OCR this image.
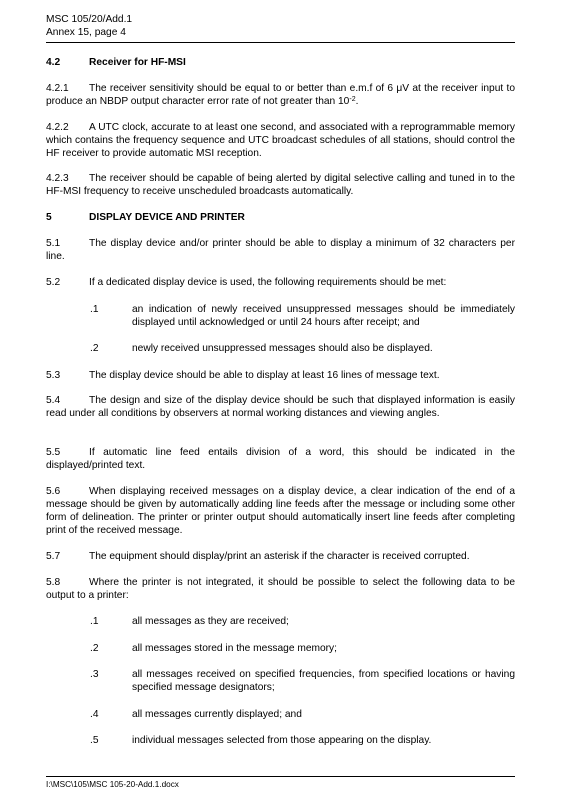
MSC 105/20/Add.1
Annex 15, page 4
4.2	Receiver for HF-MSI
4.2.1 The receiver sensitivity should be equal to or better than e.m.f of 6 μV at the receiver input to produce an NBDP output character error rate of not greater than $10^{-2}$.
4.2.2 A UTC clock, accurate to at least one second, and associated with a reprogrammable memory which contains the frequency sequence and UTC broadcast schedules of all stations, should control the HF receiver to provide automatic MSI reception.
4.2.3 The receiver should be capable of being alerted by digital selective calling and tuned in to the HF-MSI frequency to receive unscheduled broadcasts automatically.
5	DISPLAY DEVICE AND PRINTER
5.1	The display device and/or printer should be able to display a minimum of 32 characters per line.
5.2	If a dedicated display device is used, the following requirements should be met:
.1	an indication of newly received unsuppressed messages should be immediately displayed until acknowledged or until 24 hours after receipt; and
.2	newly received unsuppressed messages should also be displayed.
5.3	The display device should be able to display at least 16 lines of message text.
5.4	The design and size of the display device should be such that displayed information is easily read under all conditions by observers at normal working distances and viewing angles.
5.5	If automatic line feed entails division of a word, this should be indicated in the displayed/printed text.
5.6	When displaying received messages on a display device, a clear indication of the end of a message should be given by automatically adding line feeds after the message or including some other form of delineation. The printer or printer output should automatically insert line feeds after completing print of the received message.
5.7	The equipment should display/print an asterisk if the character is received corrupted.
5.8	Where the printer is not integrated, it should be possible to select the following data to be output to a printer:
.1	all messages as they are received;
.2	all messages stored in the message memory;
.3	all messages received on specified frequencies, from specified locations or having specified message designators;
.4	all messages currently displayed; and
.5	individual messages selected from those appearing on the display.
I:\MSC\105\MSC 105-20-Add.1.docx
